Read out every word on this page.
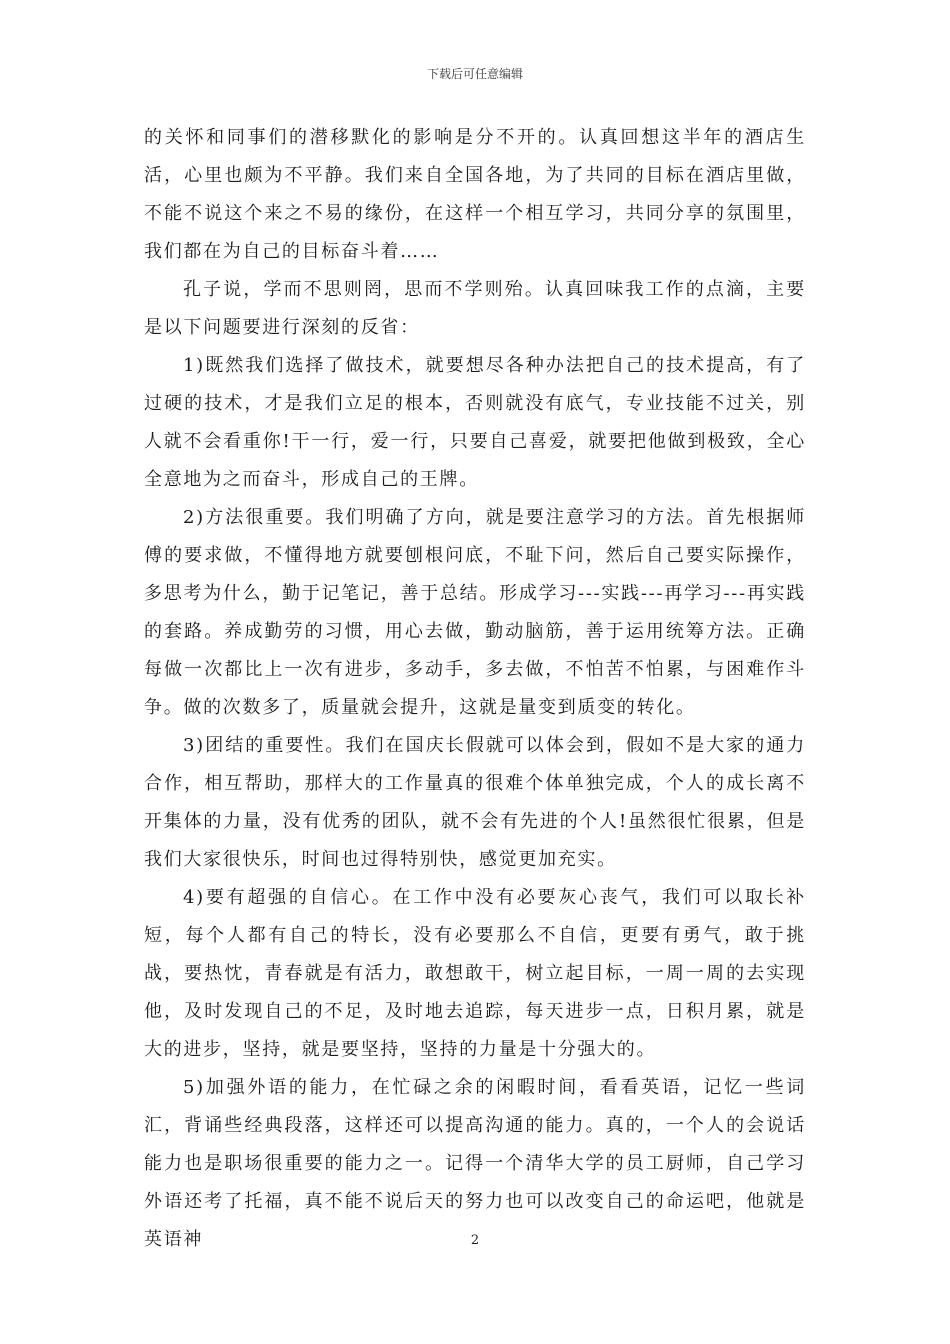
下载后可任意编辑

的关怀和同事们的潜移默化的影响是分不开的。认真回想这半年的酒店生活，心里也颇为不平静。我们来自全国各地，为了共同的目标在酒店里做，不能不说这个来之不易的缘份，在这样一个相互学习，共同分享的氛围里，我们都在为自己的目标奋斗着……

孔子说，学而不思则罔，思而不学则殆。认真回味我工作的点滴，主要是以下问题要进行深刻的反省：

1)既然我们选择了做技术，就要想尽各种办法把自己的技术提高，有了过硬的技术，才是我们立足的根本，否则就没有底气，专业技能不过关，别人就不会看重你!干一行，爱一行，只要自己喜爱，就要把他做到极致，全心全意地为之而奋斗，形成自己的王牌。

2)方法很重要。我们明确了方向，就是要注意学习的方法。首先根据师傅的要求做，不懂得地方就要刨根问底，不耻下问，然后自己要实际操作，多思考为什么，勤于记笔记，善于总结。形成学习---实践---再学习---再实践的套路。养成勤劳的习惯，用心去做，勤动脑筋，善于运用统筹方法。正确每做一次都比上一次有进步，多动手，多去做，不怕苦不怕累，与困难作斗争。做的次数多了，质量就会提升，这就是量变到质变的转化。

3)团结的重要性。我们在国庆长假就可以体会到，假如不是大家的通力合作，相互帮助，那样大的工作量真的很难个体单独完成，个人的成长离不开集体的力量，没有优秀的团队，就不会有先进的个人!虽然很忙很累，但是我们大家很快乐，时间也过得特别快，感觉更加充实。

4)要有超强的自信心。在工作中没有必要灰心丧气，我们可以取长补短，每个人都有自己的特长，没有必要那么不自信，更要有勇气，敢于挑战，要热忱，青春就是有活力，敢想敢干，树立起目标，一周一周的去实现他，及时发现自己的不足，及时地去追踪，每天进步一点，日积月累，就是大的进步，坚持，就是要坚持，坚持的力量是十分强大的。

5)加强外语的能力，在忙碌之余的闲暇时间，看看英语，记忆一些词汇，背诵些经典段落，这样还可以提高沟通的能力。真的，一个人的会说话能力也是职场很重要的能力之一。记得一个清华大学的员工厨师，自己学习外语还考了托福，真不能不说后天的努力也可以改变自己的命运吧，他就是英语神	2
